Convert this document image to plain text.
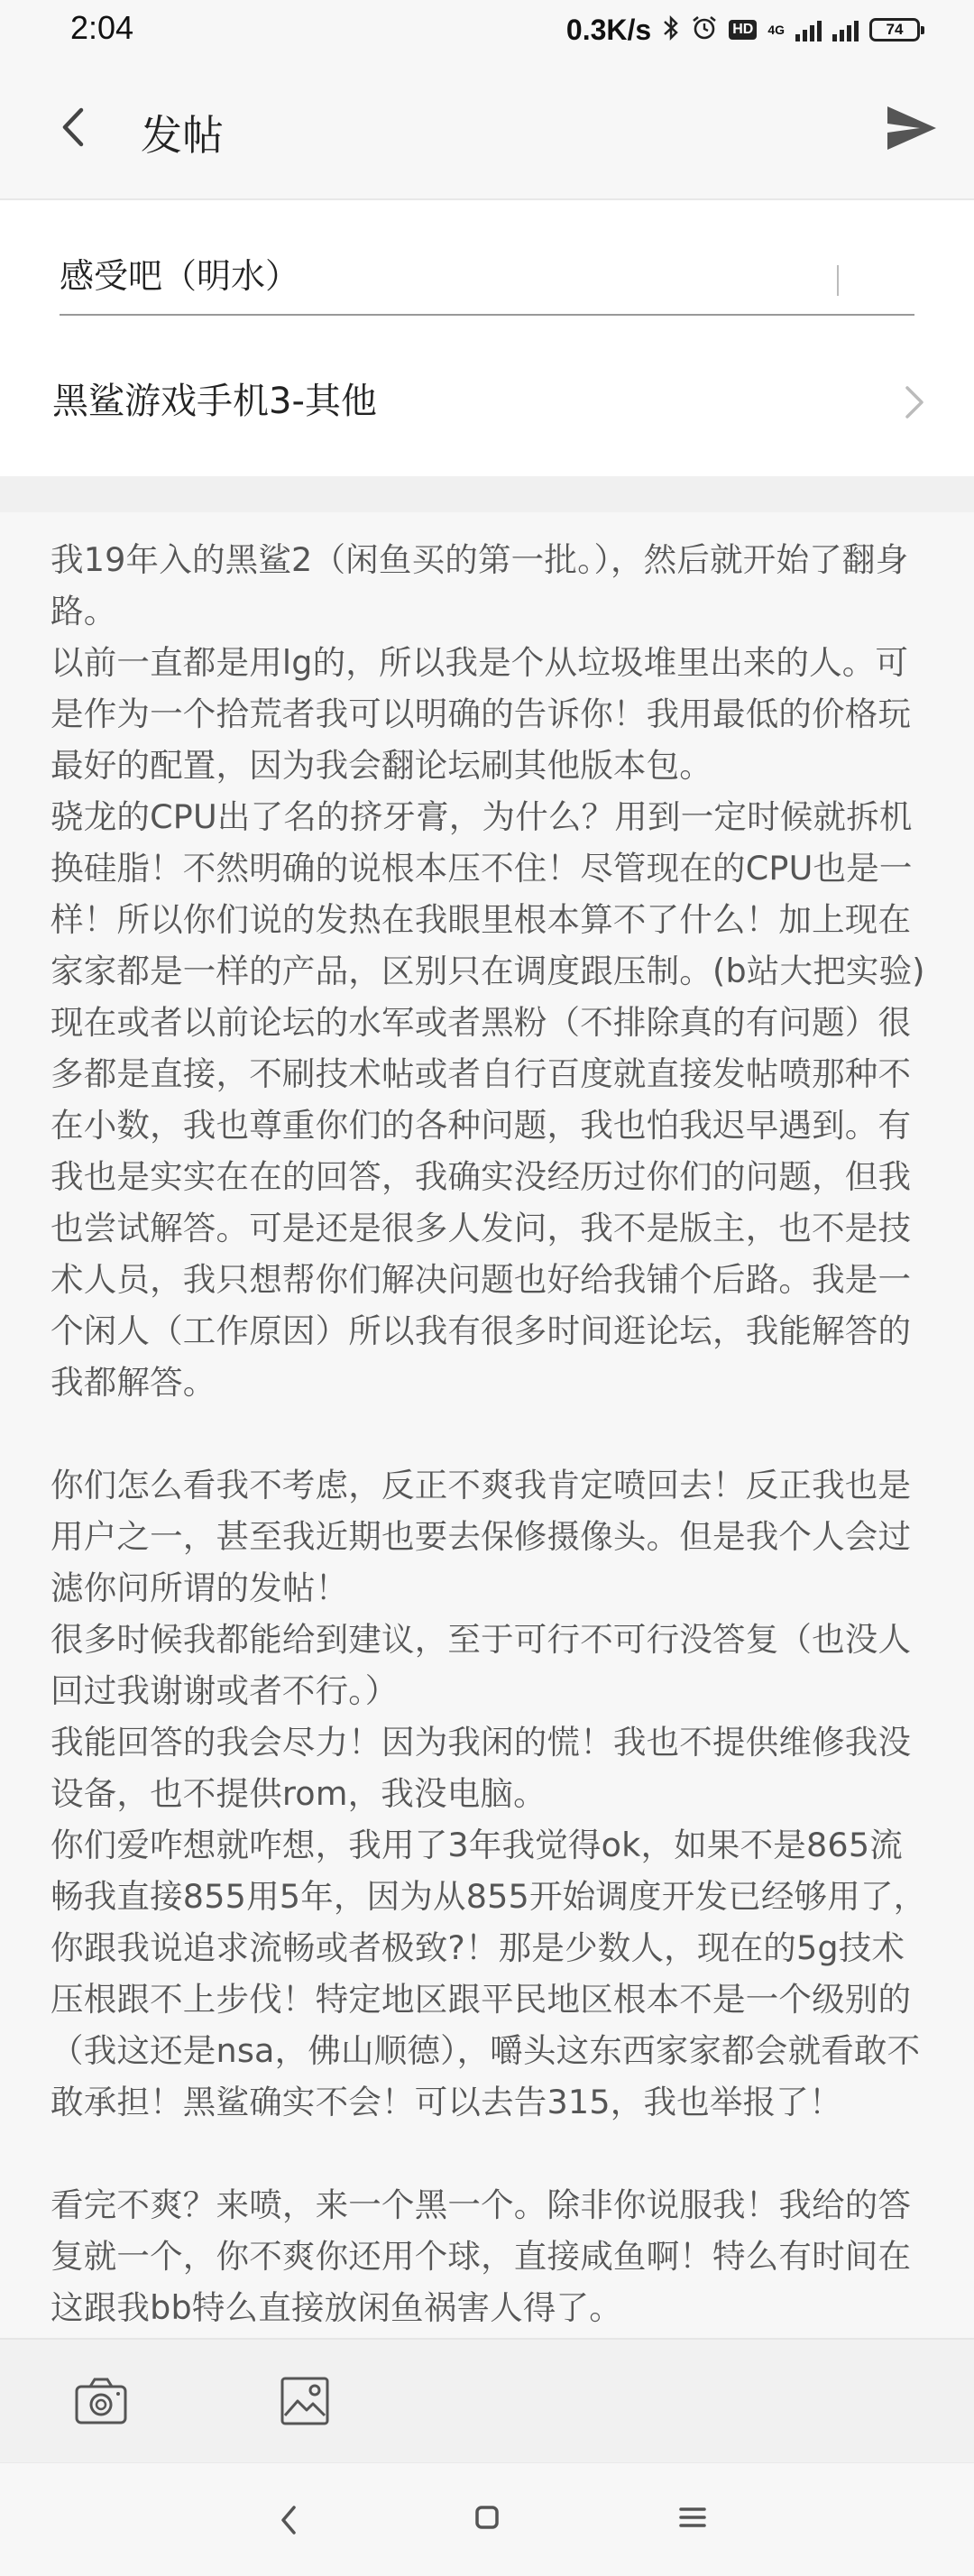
2:04	0.3K/s	HD 4G	74
发帖
感受吧（明水）
黑鲨游戏手机3-其他

我19年入的黑鲨2（闲鱼买的第一批。），然后就开始了翻身路。

以前一直都是用lg的，所以我是个从垃圾堆里出来的人。可是作为一个拾荒者我可以明确的告诉你！我用最低的价格玩最好的配置，因为我会翻论坛刷其他版本包。

骁龙的CPU出了名的挤牙膏，为什么？用到一定时候就拆机换硅脂！不然明确的说根本压不住！尽管现在的CPU也是一样！所以你们说的发热在我眼里根本算不了什么！加上现在家家都是一样的产品，区别只在调度跟压制。(b站大把实验)

现在或者以前论坛的水军或者黑粉（不排除真的有问题）很多都是直接，不刷技术帖或者自行百度就直接发帖喷那种不在小数，我也尊重你们的各种问题，我也怕我迟早遇到。有我也是实实在在的回答，我确实没经历过你们的问题，但我也尝试解答。可是还是很多人发问，我不是版主，也不是技术人员，我只想帮你们解决问题也好给我铺个后路。我是一个闲人（工作原因）所以我有很多时间逛论坛，我能解答的我都解答。

你们怎么看我不考虑，反正不爽我肯定喷回去！反正我也是用户之一，甚至我近期也要去保修摄像头。但是我个人会过滤你问所谓的发帖！

很多时候我都能给到建议，至于可行不可行没答复（也没人回过我谢谢或者不行。）

我能回答的我会尽力！因为我闲的慌！我也不提供维修我没设备，也不提供rom，我没电脑。

你们爱咋想就咋想，我用了3年我觉得ok，如果不是865流畅我直接855用5年，因为从855开始调度开发已经够用了，你跟我说追求流畅或者极致?！那是少数人，现在的5g技术压根跟不上步伐！特定地区跟平民地区根本不是一个级别的（我这还是nsa，佛山顺德），嚼头这东西家家都会就看敢不敢承担！黑鲨确实不会！可以去告315，我也举报了！

看完不爽？来喷，来一个黑一个。除非你说服我！我给的答复就一个，你不爽你还用个球，直接咸鱼啊！特么有时间在这跟我bb特么直接放闲鱼祸害人得了。
